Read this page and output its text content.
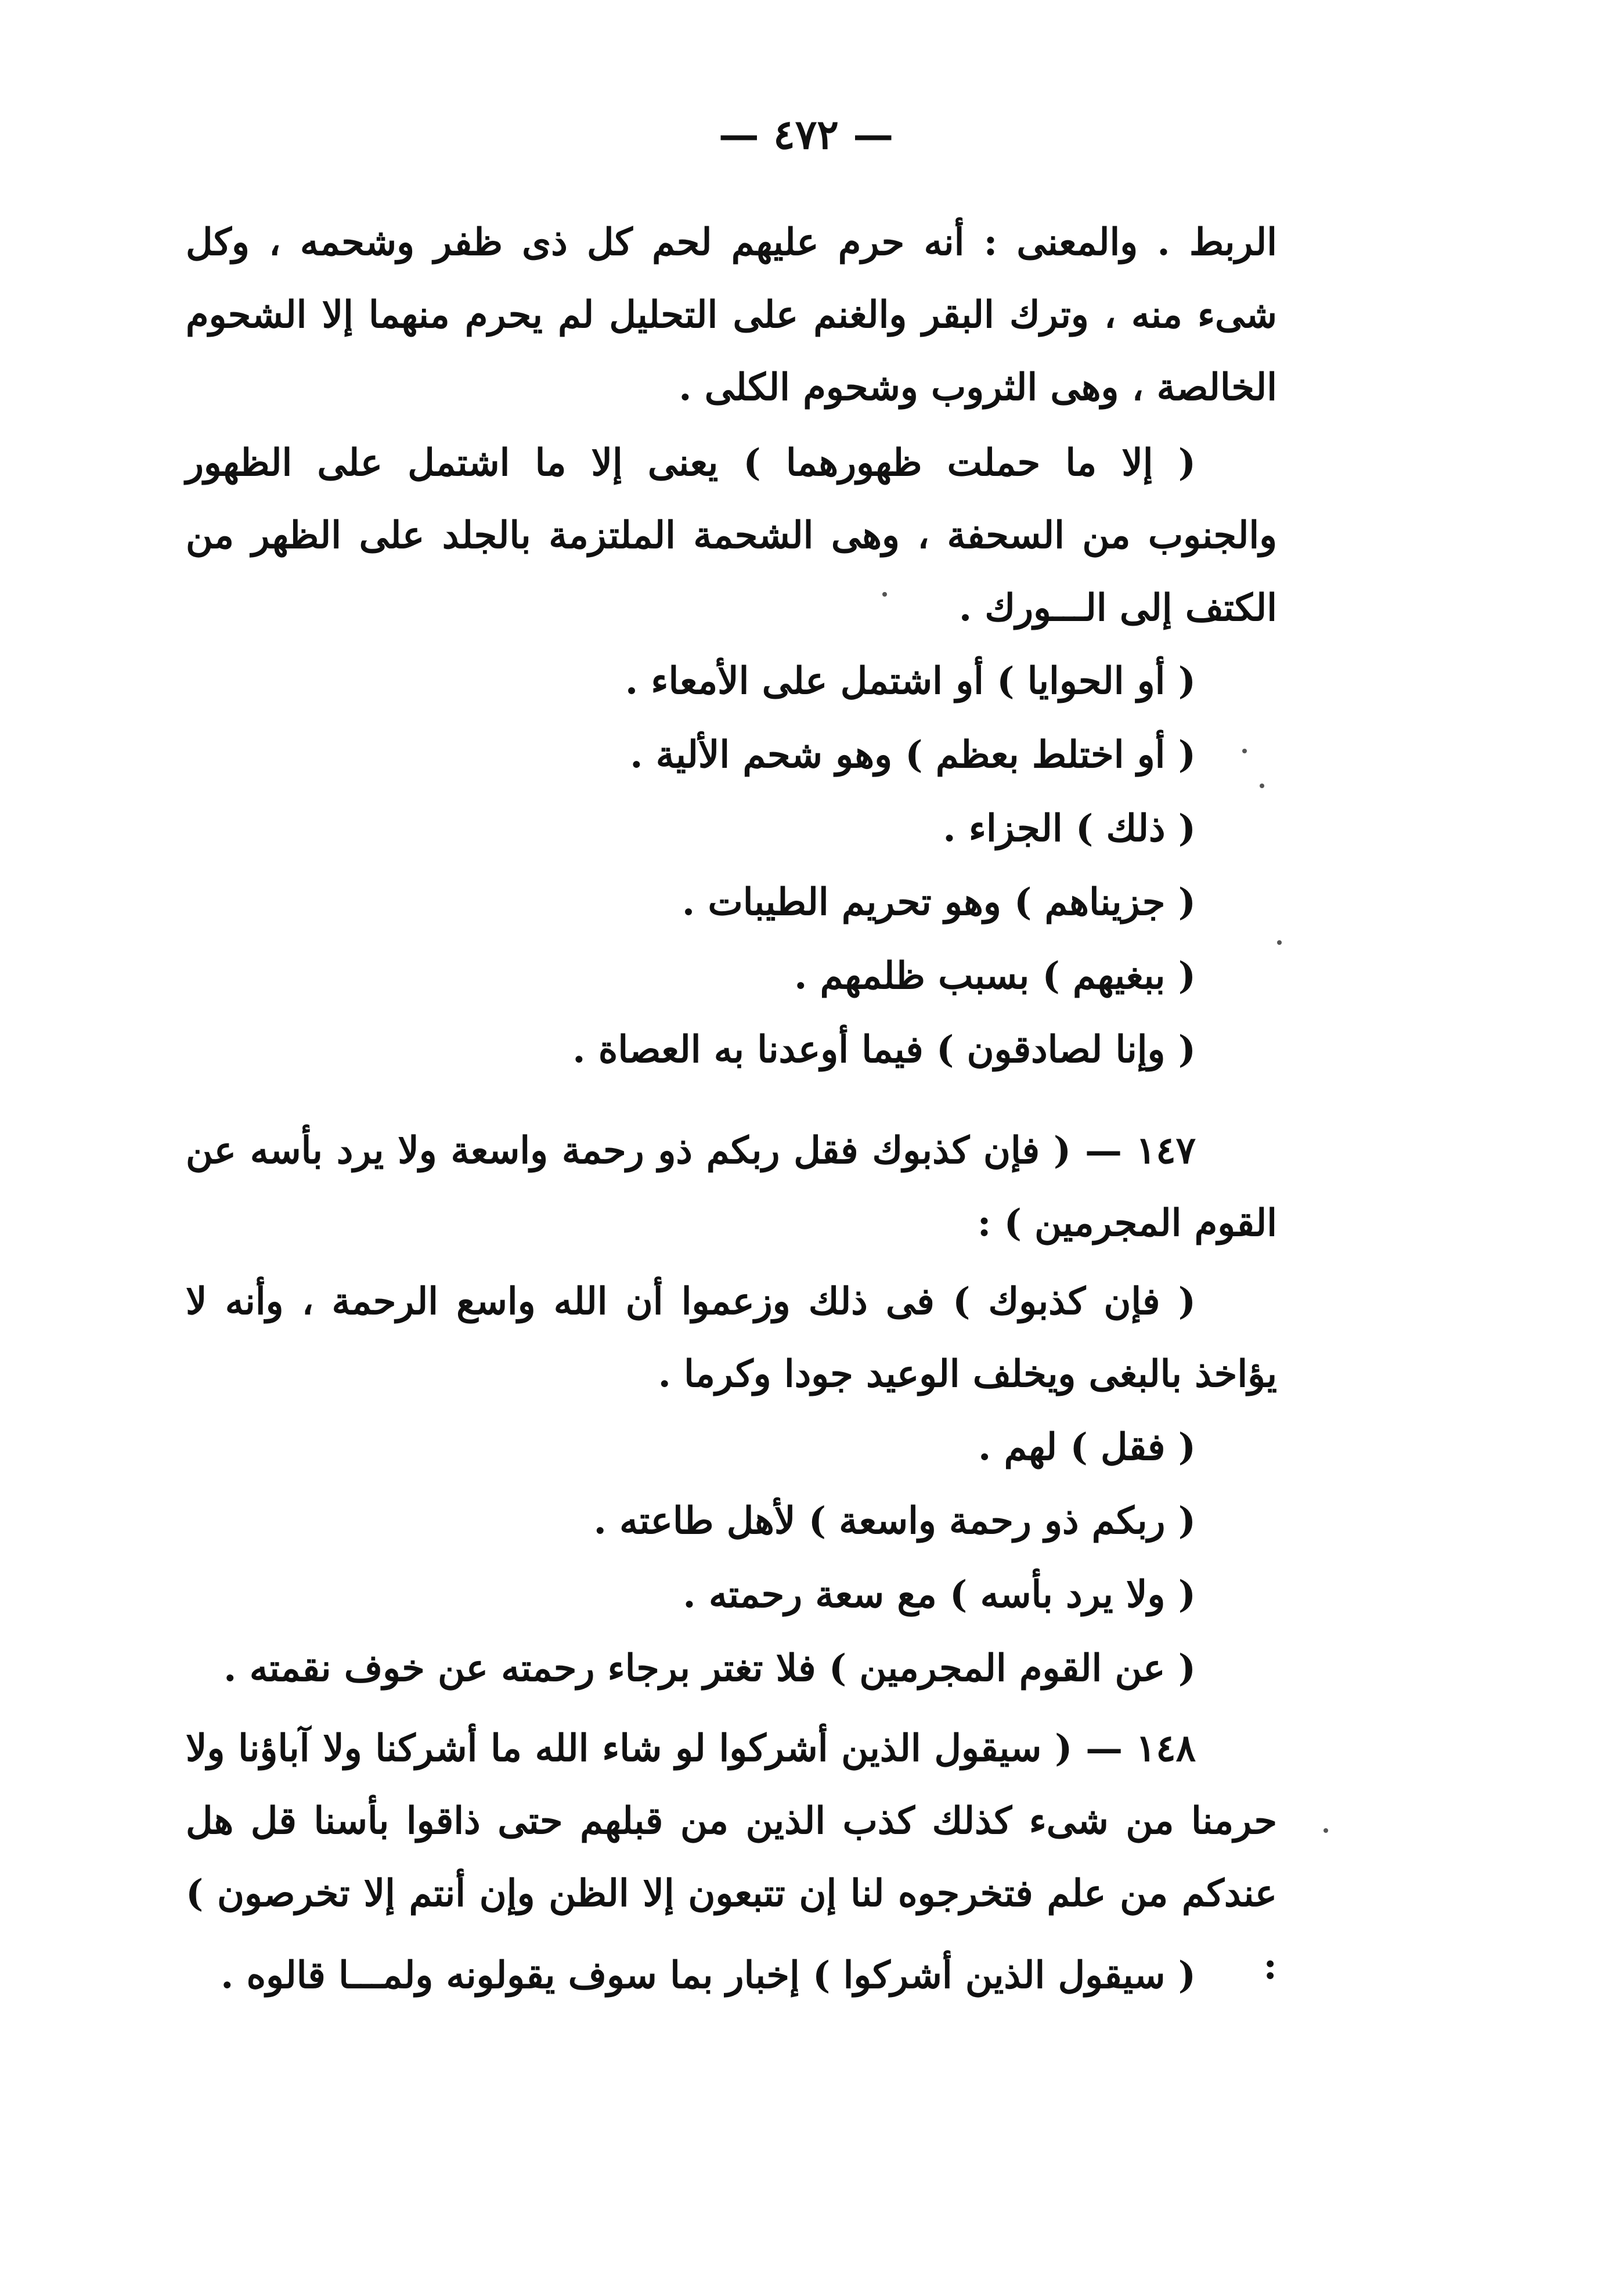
— ٤٧٢ —

الربط . والمعنى : أنه حرم عليهم لحم كل ذى ظفر وشحمه ، وكل شىء منه ، وترك البقر والغنم على التحليل لم يحرم منهما إلا الشحوم الخالصة ، وهى الثروب وشحوم الكلى .

( إلا ما حملت ظهورهما ) يعنى إلا ما اشتمل على الظهور والجنوب من السحفة ، وهى الشحمة الملتزمة بالجلد على الظهر من الكتف إلى الـــورك .

( أو الحوايا ) أو اشتمل على الأمعاء .

( أو اختلط بعظم ) وهو شحم الألية .

( ذلك ) الجزاء .

( جزيناهم ) وهو تحريم الطيبات .

( ببغيهم ) بسبب ظلمهم .

( وإنا لصادقون ) فيما أوعدنا به العصاة .

١٤٧ — ( فإن كذبوك فقل ربكم ذو رحمة واسعة ولا يرد بأسه عن القوم المجرمين ) :

( فإن كذبوك ) فى ذلك وزعموا أن الله واسع الرحمة ، وأنه لا يؤاخذ بالبغى ويخلف الوعيد جودا وكرما .

( فقل ) لهم .

( ربكم ذو رحمة واسعة ) لأهل طاعته .

( ولا يرد بأسه ) مع سعة رحمته .

( عن القوم المجرمين ) فلا تغتر برجاء رحمته عن خوف نقمته .

١٤٨ — ( سيقول الذين أشركوا لو شاء الله ما أشركنا ولا آباؤنا ولا حرمنا من شىء كذلك كذب الذين من قبلهم حتى ذاقوا بأسنا قل هل عندكم من علم فتخرجوه لنا إن تتبعون إلا الظن وإن أنتم إلا تخرصون ) :

( سيقول الذين أشركوا ) إخبار بما سوف يقولونه ولمـــا قالوه .
